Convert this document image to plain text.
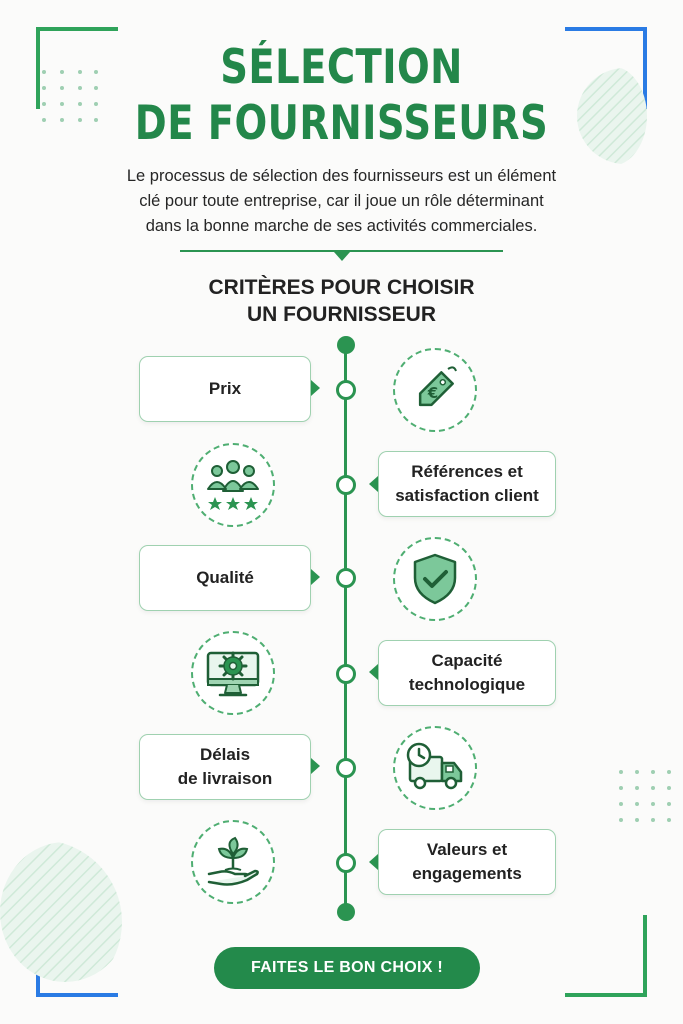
SÉLECTION
DE FOURNISSEURS
Le processus de sélection des fournisseurs est un élément
clé pour toute entreprise, car il joue un rôle déterminant
dans la bonne marche de ses activités commerciales.
CRITÈRES POUR CHOISIR
UN FOURNISSEUR
Prix	€
Références et
satisfaction client
Qualité
Capacité
technologique
Délais
de livraison
Valeurs et
engagements
FAITES LE BON CHOIX !
